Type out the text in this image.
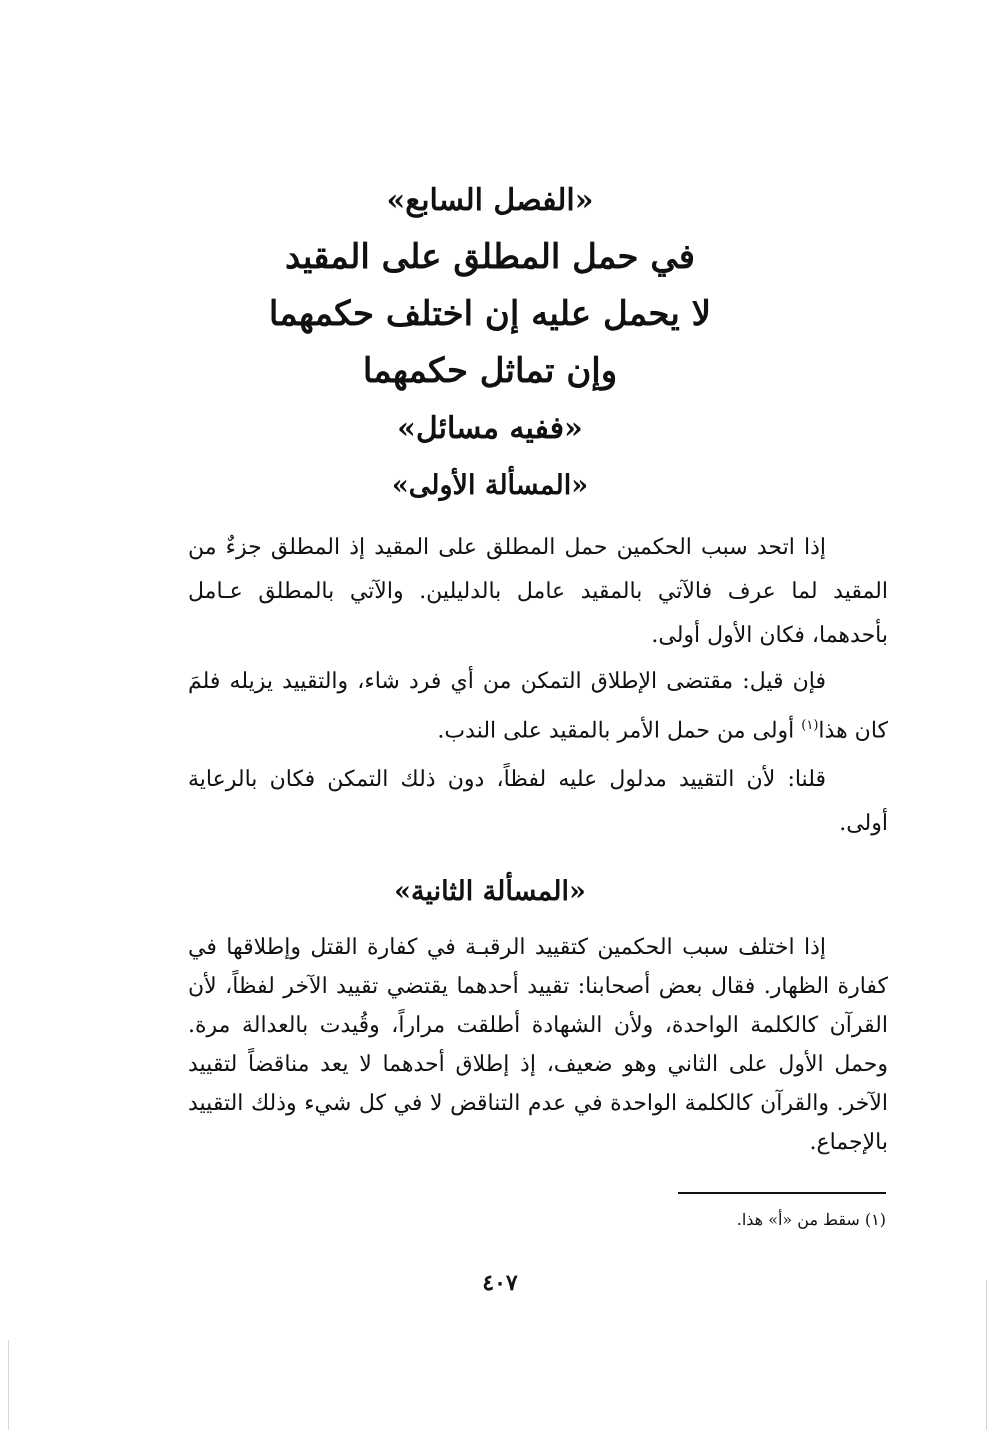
«الفصل السابع»
في حمل المطلق على المقيد
لا يحمل عليه إن اختلف حكمهما
وإن تماثل حكمهما
«ففيه مسائل»
«المسألة الأولى»
إذا اتحد سبب الحكمين حمل المطلق على المقيد إذ المطلق جزءٌ من المقيد لما عرف فالآتي بالمقيد عامل بالدليلين. والآتي بالمطلق عـامل بأحدهما، فكان الأول أولى.
فإن قيل: مقتضى الإطلاق التمكن من أي فرد شاء، والتقييد يزيله فلمَ كان هذا$^{(١)}$ أولى من حمل الأمر بالمقيد على الندب.
قلنا: لأن التقييد مدلول عليه لفظاً، دون ذلك التمكن فكان بالرعاية أولى.
«المسألة الثانية»
إذا اختلف سبب الحكمين كتقييد الرقبـة في كفارة القتل وإطلاقها في كفارة الظهار. فقال بعض أصحابنا: تقييد أحدهما يقتضي تقييد الآخر لفظاً، لأن القرآن كالكلمة الواحدة، ولأن الشهادة أطلقت مراراً، وقُيدت بالعدالة مرة. وحمل الأول على الثاني وهو ضعيف، إذ إطلاق أحدهما لا يعد مناقضاً لتقييد الآخر. والقرآن كالكلمة الواحدة في عدم التناقض لا في كل شيء وذلك التقييد بالإجماع.
(١) سقط من «أ» هذا.
٤٠٧
